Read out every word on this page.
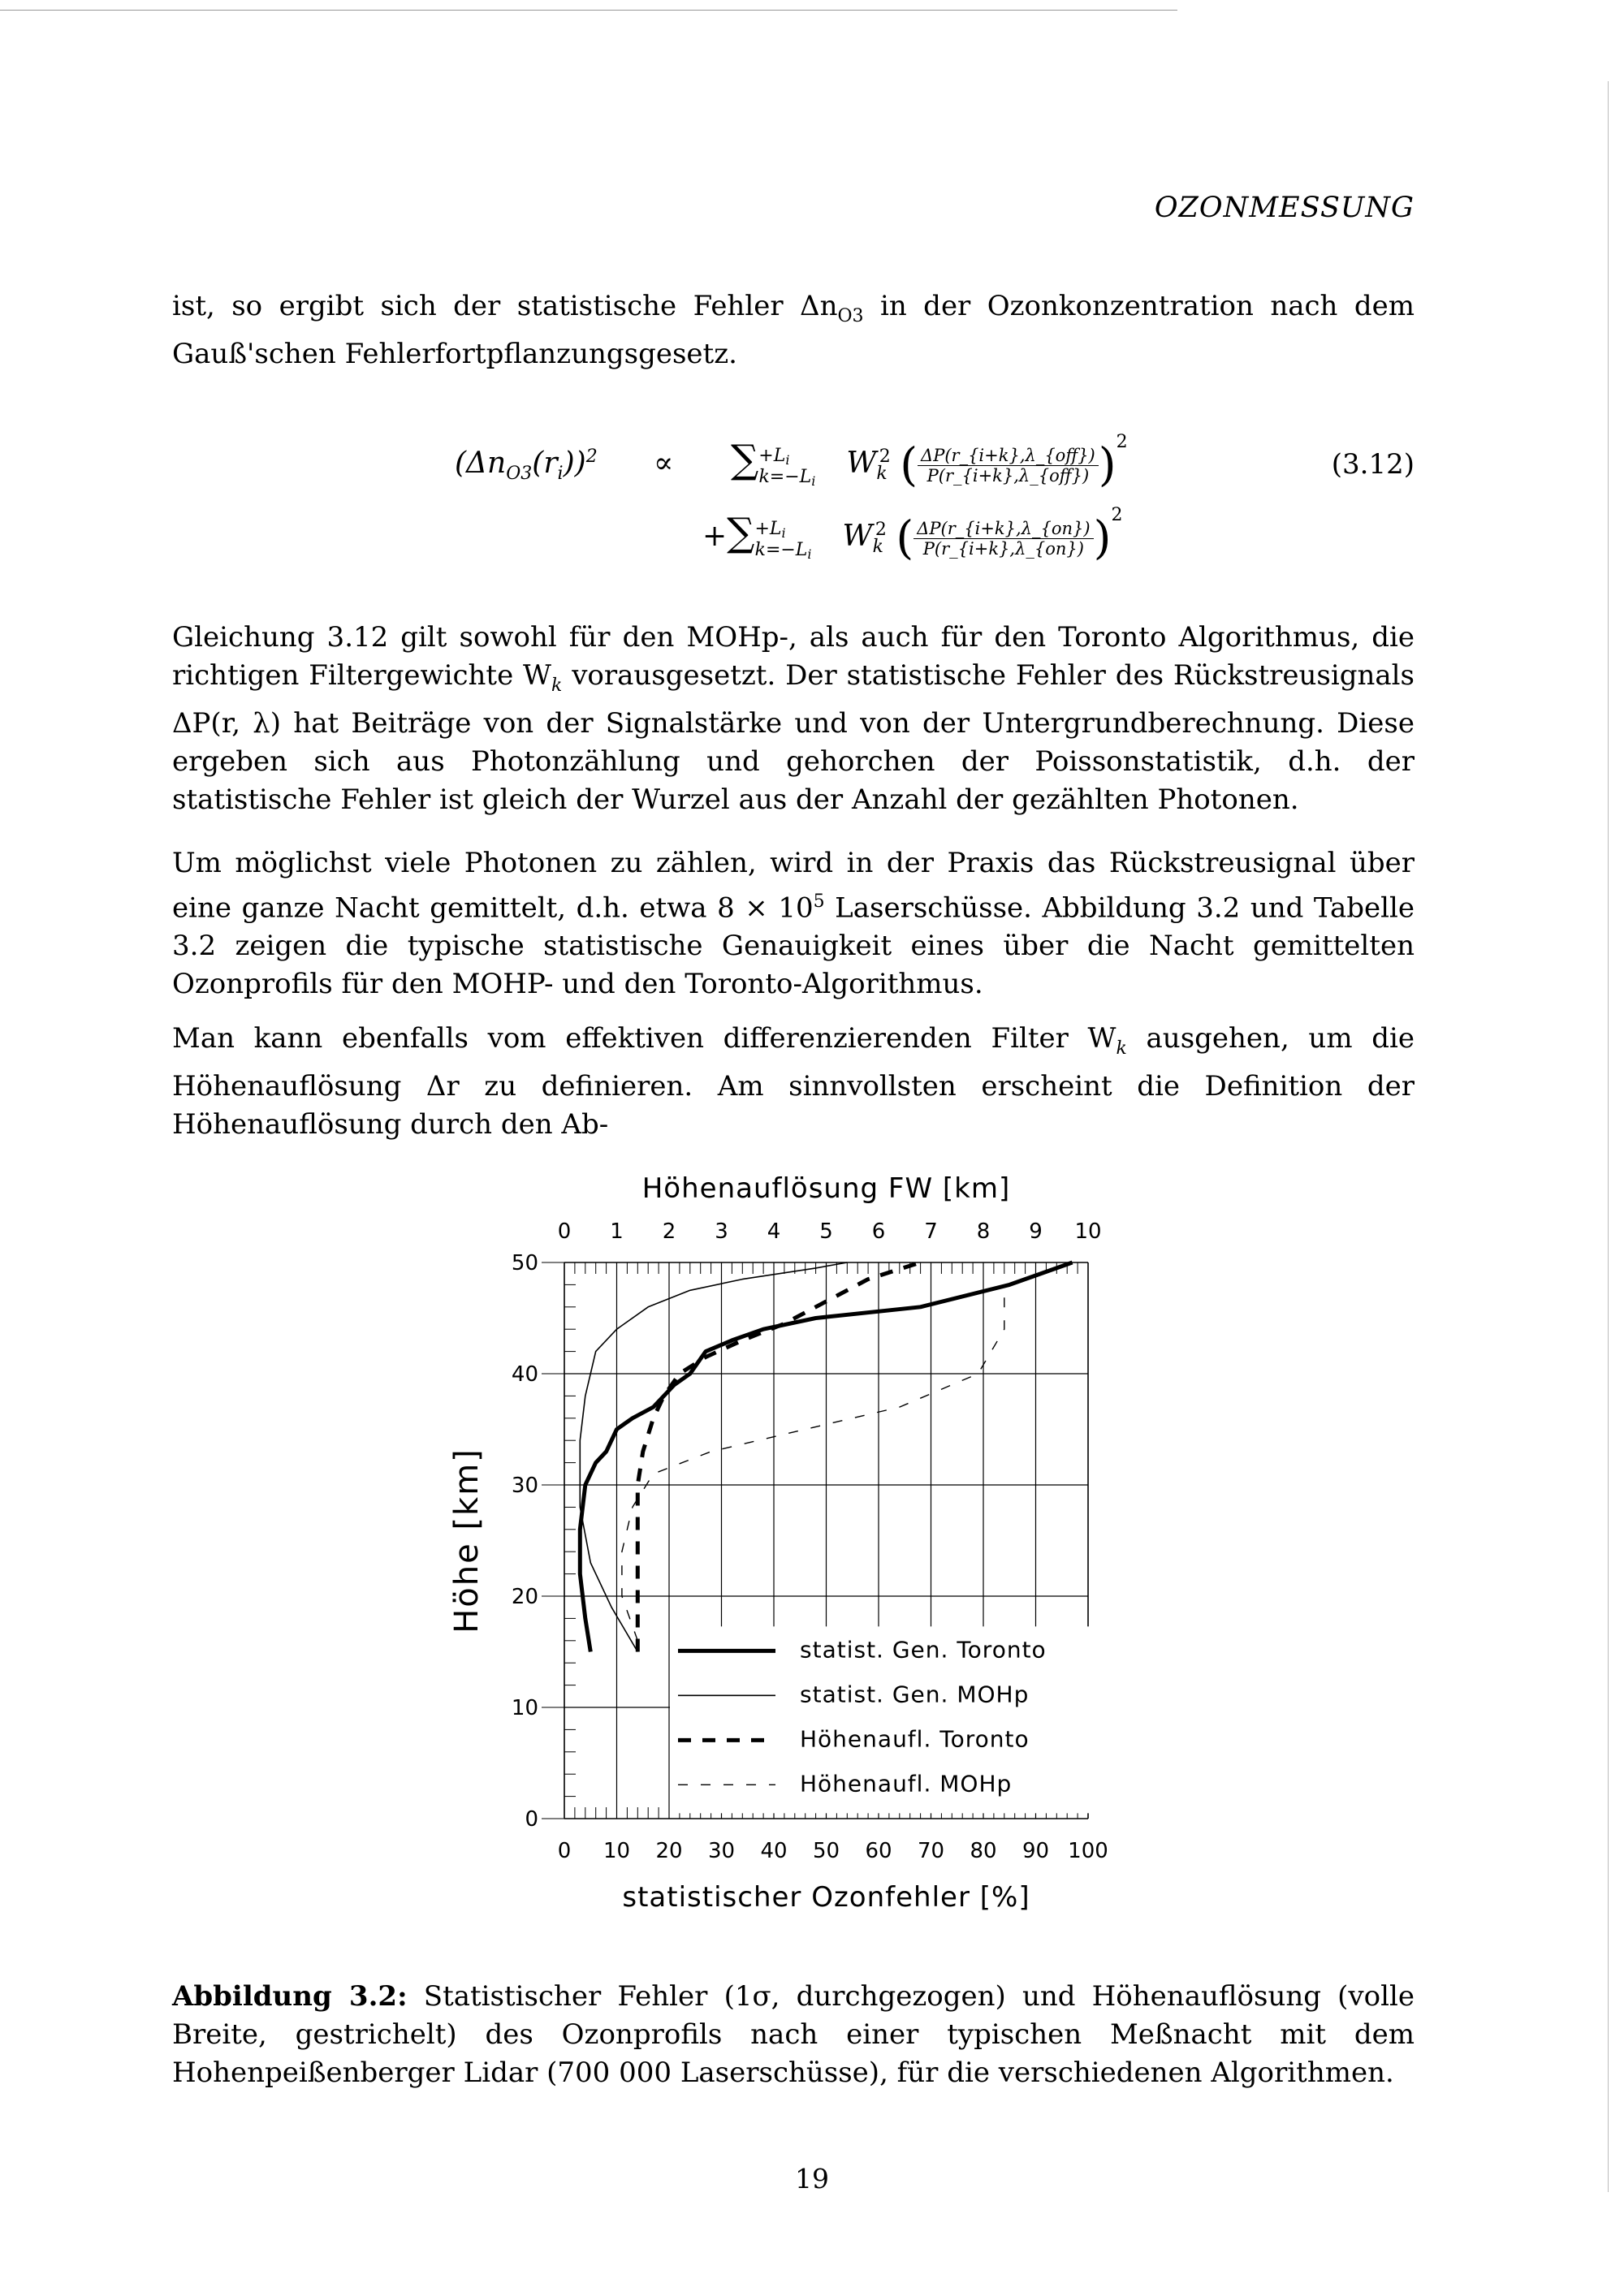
OZONMESSUNG
ist, so ergibt sich der statistische Fehler $\Delta n_{O3}$ in der Ozonkonzentration nach dem Gauß'schen Fehlerfortpflanzungsgesetz.
$(\Delta n_{O3}(r_i))^2 \propto \sum^{+Li}_{k=-Li}W_k^2$ ( ΔP(r_{i+k},λ_{off})
P(r_{i+k},λ_{off}) )$^2$
(3.12)
$+\sum^{+Li}_{k=-Li}W_k^2$ ( $\frac{\Delta P(r\_\{i+k\},\lambda\_\{on\})}{P(r\_\{i+k\},\lambda\_\{on\})} )^2$
Gleichung 3.12 gilt sowohl für den MOHp-, als auch für den Toronto Algorithmus, die richtigen Filtergewichte $W_k$ vorausgesetzt. Der statistische Fehler des Rückstreusignals ΔP(r, λ) hat Beiträge von der Signalstärke und von der Untergrundberechnung. Diese ergeben sich aus Photonzählung und gehorchen der Poissonstatistik, d.h. der statistische Fehler ist gleich der Wurzel aus der Anzahl der gezählten Photonen.
Um möglichst viele Photonen zu zählen, wird in der Praxis das Rückstreusignal über eine ganze Nacht gemittelt, d.h. etwa $8 \times 10^5$ Laserschüsse. Abbildung 3.2 und Tabelle 3.2 zeigen die typische statistische Genauigkeit eines über die Nacht gemittelten Ozonprofils für den MOHP- und den Toronto-Algorithmus.
Man kann ebenfalls vom effektiven differenzierenden Filter $W_k$ ausgehen, um die Höhenauflösung Δr zu definieren. Am sinnvollsten erscheint die Definition der Höhenauflösung durch den Ab-
statist. Gen. Toronto
statist. Gen. MOHp
Höhenaufl. Toronto
Höhenaufl. MOHp
0 10 20 30 40 50 60 70 80 90 100
0 1 2 3 4 5 6 7 8 9 10
0
10
20
30
40
50
Höhenauflösung FW [km]
statistischer Ozonfehler [%]
Höhe [km]
Abbildung 3.2: Statistischer Fehler (1σ, durchgezogen) und Höhenauflösung (volle Breite, gestrichelt) des Ozonprofils nach einer typischen Meßnacht mit dem Hohenpeißenberger Lidar (700 000 Laserschüsse), für die verschiedenen Algorithmen.
19
